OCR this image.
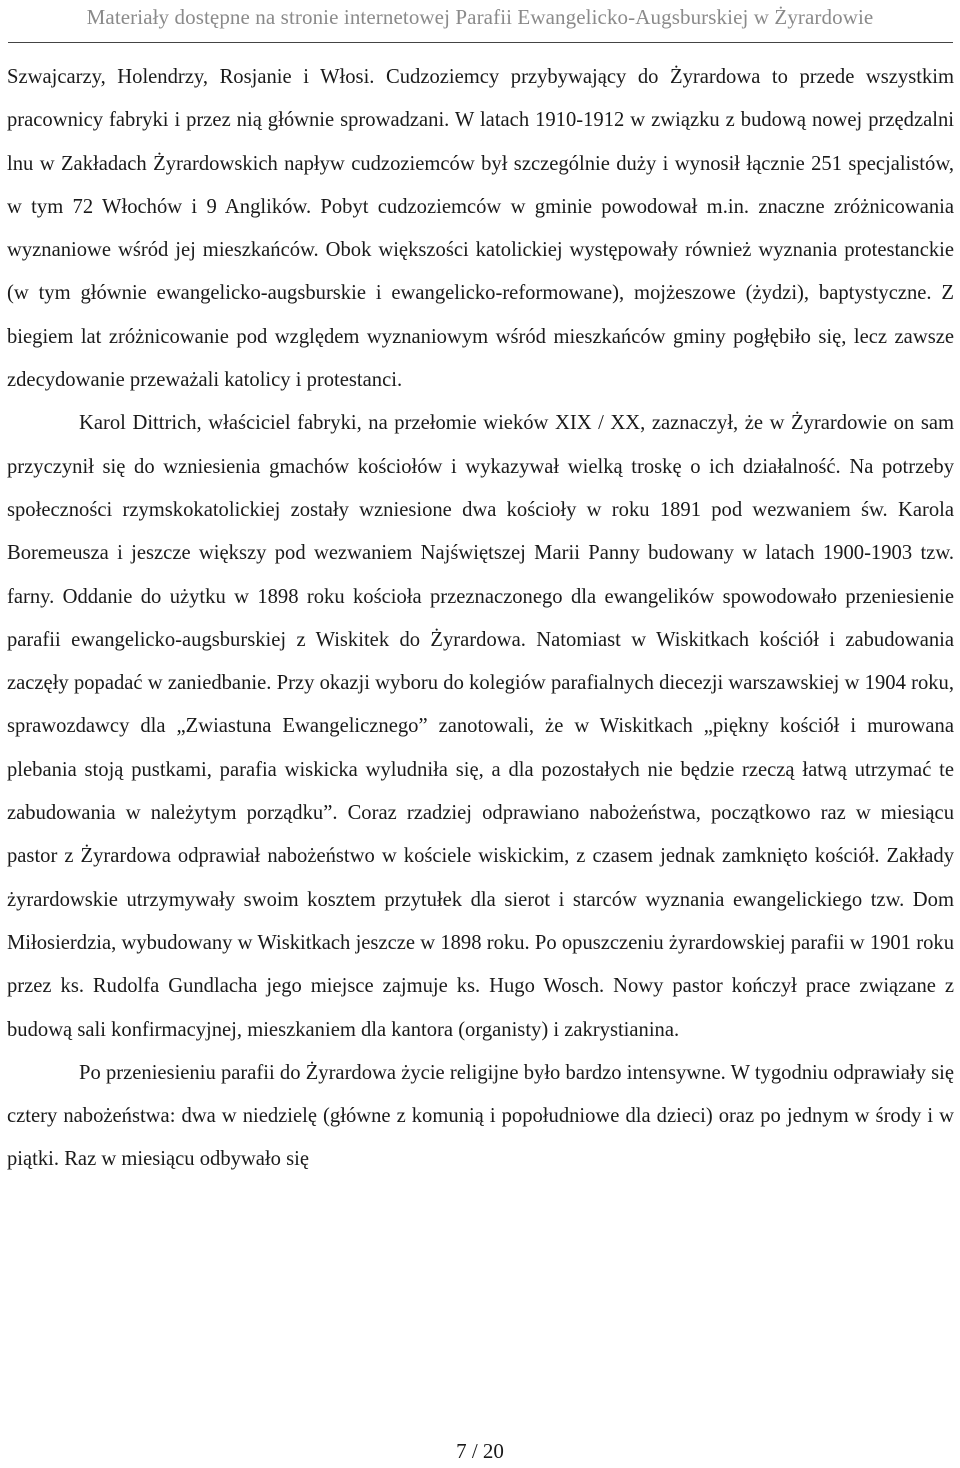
Materiały dostępne na stronie internetowej Parafii Ewangelicko-Augsburskiej w Żyrardowie

Szwajcarzy, Holendrzy, Rosjanie i Włosi. Cudzoziemcy przybywający do Żyrardowa to przede wszystkim pracownicy fabryki i przez nią głównie sprowadzani. W latach 1910-1912 w związku z budową nowej przędzalni lnu w Zakładach Żyrardowskich napływ cudzoziemców był szczególnie duży i wynosił łącznie 251 specjalistów, w tym 72 Włochów i 9 Anglików. Pobyt cudzoziemców w gminie powodował m.in. znaczne zróżnicowania wyznaniowe wśród jej mieszkańców. Obok większości katolickiej występowały również wyznania protestanckie (w tym głównie ewangelicko-augsburskie i ewangelicko-reformowane), mojżeszowe (żydzi), baptystyczne. Z biegiem lat zróżnicowanie pod względem wyznaniowym wśród mieszkańców gminy pogłębiło się, lecz zawsze zdecydowanie przeważali katolicy i protestanci.

Karol Dittrich, właściciel fabryki, na przełomie wieków XIX / XX, zaznaczył, że w Żyrardowie on sam przyczynił się do wzniesienia gmachów kościołów i wykazywał wielką troskę o ich działalność. Na potrzeby społeczności rzymskokatolickiej zostały wzniesione dwa kościoły w roku 1891 pod wezwaniem św. Karola Boremeusza i jeszcze większy pod wezwaniem Najświętszej Marii Panny budowany w latach 1900-1903 tzw. farny. Oddanie do użytku w 1898 roku kościoła przeznaczonego dla ewangelików spowodowało przeniesienie parafii ewangelicko-augsburskiej z Wiskitek do Żyrardowa. Natomiast w Wiskitkach kościół i zabudowania zaczęły popadać w zaniedbanie. Przy okazji wyboru do kolegiów parafialnych diecezji warszawskiej w 1904 roku, sprawozdawcy dla „Zwiastuna Ewangelicznego” zanotowali, że w Wiskitkach „piękny kościół i murowana plebania stoją pustkami, parafia wiskicka wyludniła się, a dla pozostałych nie będzie rzeczą łatwą utrzymać te zabudowania w należytym porządku”. Coraz rzadziej odprawiano nabożeństwa, początkowo raz w miesiącu pastor z Żyrardowa odprawiał nabożeństwo w kościele wiskickim, z czasem jednak zamknięto kościół. Zakłady żyrardowskie utrzymywały swoim kosztem przytułek dla sierot i starców wyznania ewangelickiego tzw. Dom Miłosierdzia, wybudowany w Wiskitkach jeszcze w 1898 roku. Po opuszczeniu żyrardowskiej parafii w 1901 roku przez ks. Rudolfa Gundlacha jego miejsce zajmuje ks. Hugo Wosch. Nowy pastor kończył prace związane z budową sali konfirmacyjnej, mieszkaniem dla kantora (organisty) i zakrystianina.

Po przeniesieniu parafii do Żyrardowa życie religijne było bardzo intensywne. W tygodniu odprawiały się cztery nabożeństwa: dwa w niedzielę (główne z komunią i popołudniowe dla dzieci) oraz po jednym w środy i w piątki. Raz w miesiącu odbywało się

7 / 20
